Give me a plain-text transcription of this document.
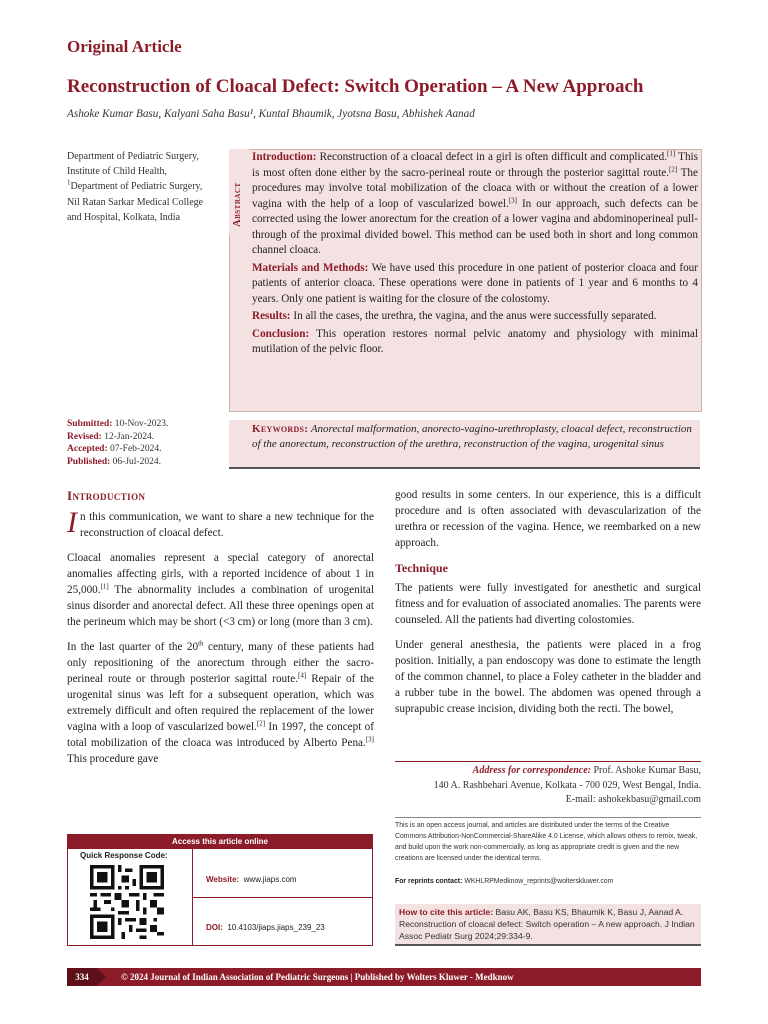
Original Article
Reconstruction of Cloacal Defect: Switch Operation – A New Approach
Ashoke Kumar Basu, Kalyani Saha Basu¹, Kuntal Bhaumik, Jyotsna Basu, Abhishek Aanad
Department of Pediatric Surgery, Institute of Child Health, $^1$Department of Pediatric Surgery, Nil Ratan Sarkar Medical College and Hospital, Kolkata, India
Submitted: 10-Nov-2023.
Revised: 12-Jan-2024.
Accepted: 07-Feb-2024.
Published: 06-Jul-2024.
Abstract

Introduction: Reconstruction of a cloacal defect in a girl is often difficult and complicated.[1] This is most often done either by the sacro-perineal route or through the posterior sagittal route.[2] The procedures may involve total mobilization of the cloaca with or without the creation of a lower vagina with the help of a loop of vascularized bowel.[3] In our approach, such defects can be corrected using the lower anorectum for the creation of a lower vagina and abdominoperineal pull-through of the proximal divided bowel. This method can be used both in short and long common channel cloaca.

Materials and Methods: We have used this procedure in one patient of posterior cloaca and four patients of anterior cloaca. These operations were done in patients of 1 year and 6 months to 4 years. Only one patient is waiting for the closure of the colostomy.

Results: In all the cases, the urethra, the vagina, and the anus were successfully separated.

Conclusion: This operation restores normal pelvic anatomy and physiology with minimal mutilation of the pelvic floor.

Keywords: Anorectal malformation, anorecto-vagino-urethroplasty, cloacal defect, reconstruction of the anorectum, reconstruction of the urethra, reconstruction of the vagina, urogenital sinus
Introduction

In this communication, we want to share a new technique for the reconstruction of cloacal defect.

Cloacal anomalies represent a special category of anorectal anomalies affecting girls, with a reported incidence of about 1 in 25,000.[1] The abnormality includes a combination of urogenital sinus disorder and anorectal defect. All these three openings open at the perineum which may be short (<3 cm) or long (more than 3 cm).

In the last quarter of the 20th century, many of these patients had only repositioning of the anorectum through either the sacro-perineal route or through posterior sagittal route.[4] Repair of the urogenital sinus was left for a subsequent operation, which was extremely difficult and often required the replacement of the lower vagina with a loop of vascularized bowel.[2] In 1997, the concept of total mobilization of the cloaca was introduced by Alberto Pena.[3] This procedure gave

good results in some centers. In our experience, this is a difficult procedure and is often associated with devascularization of the urethra or recession of the vagina. Hence, we reembarked on a new approach.

Technique

The patients were fully investigated for anesthetic and surgical fitness and for evaluation of associated anomalies. The parents were counseled. All the patients had diverting colostomies.

Under general anesthesia, the patients were placed in a frog position. Initially, a pan endoscopy was done to estimate the length of the common channel, to place a Foley catheter in the bladder and a rubber tube in the bowel. The abdomen was opened through a suprapubic crease incision, dividing both the recti. The bowel,

Address for correspondence: Prof. Ashoke Kumar Basu,
140 A. Rashbehari Avenue, Kolkata - 700 029, West Bengal, India.
E-mail: ashokekbasu@gmail.com
This is an open access journal, and articles are distributed under the terms of the Creative Commons Attribution‑NonCommercial‑ShareAlike 4.0 License, which allows others to remix, tweak, and build upon the work non‑commercially, as long as appropriate credit is given and the new creations are licensed under the identical terms.
For reprints contact: WKHLRPMedknow_reprints@wolterskluwer.com
How to cite this article: Basu AK, Basu KS, Bhaumik K, Basu J, Aanad A. Reconstruction of cloacal defect: Switch operation – A new approach. J Indian Assoc Pediatr Surg 2024;29:334-9.
Access this article online
Quick Response Code:
Website: www.jiaps.com
DOI: 10.4103/jiaps.jiaps_239_23
334	© 2024 Journal of Indian Association of Pediatric Surgeons | Published by Wolters Kluwer - Medknow
